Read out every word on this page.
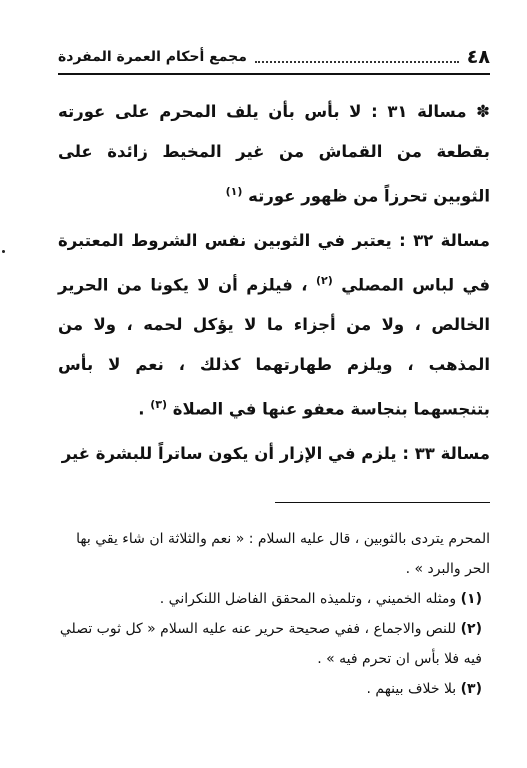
٤٨
مجمع أحكام العمرة المفردة

✽ مسالة ٣١ : لا بأس بأن يلف المحرم على عورته بقطعة من القماش من غير المخيط زائدة على الثوبين تحرزاً من ظهور عورته $^{(١)}$

مسالة ٣٢ : يعتبر في الثوبين نفس الشروط المعتبرة في لباس المصلي $^{(٢)}$ ، فيلزم أن لا يكونا من الحرير الخالص ، ولا من أجزاء ما لا يؤكل لحمه ، ولا من المذهب ، ويلزم طهارتهما كذلك ، نعم لا بأس بتنجسهما بنجاسة معفو عنها في الصلاة $^{(٣)}$ .

مسالة ٣٣ : يلزم في الإزار أن يكون ساتراً للبشرة غير

المحرم يتردى بالثوبين ، قال عليه السلام : « نعم والثلاثة ان شاء يقي بها الحر والبرد » .

(١) ومثله الخميني ، وتلميذه المحقق الفاضل اللنكراني .

(٢) للنص والاجماع ، ففي صحيحة حرير عنه عليه السلام « كل ثوب تصلي فيه فلا بأس ان تحرم فيه » .

(٣) بلا خلاف بينهم .
